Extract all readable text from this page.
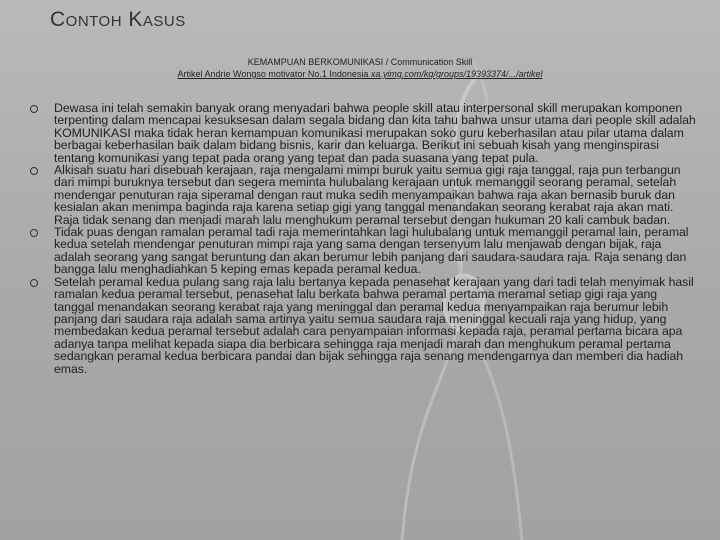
Contoh Kasus
KEMAMPUAN BERKOMUNIKASI / Communication Skill
Artikel Andrie Wongso motivator No.1 Indonesia xa.yimg.com/kq/groups/19393374/.../artikel
Dewasa ini telah semakin banyak orang menyadari bahwa people skill atau interpersonal skill merupakan komponen terpenting dalam mencapai kesuksesan dalam segala bidang dan kita tahu bahwa unsur utama dari people skill adalah KOMUNIKASI maka tidak heran kemampuan komunikasi merupakan soko guru keberhasilan atau pilar utama dalam berbagai keberhasilan baik dalam bidang bisnis, karir dan keluarga. Berikut ini sebuah kisah yang menginspirasi tentang komunikasi yang tepat pada orang yang tepat dan pada suasana yang tepat pula.
Alkisah suatu hari disebuah kerajaan, raja mengalami mimpi buruk yaitu semua gigi raja tanggal, raja pun terbangun dari mimpi buruknya tersebut dan segera meminta hulubalang kerajaan untuk memanggil seorang peramal, setelah mendengar penuturan raja siperamal dengan raut muka sedih menyampaikan bahwa raja akan bernasib buruk dan kesialan akan menimpa baginda raja karena setiap gigi yang tanggal menandakan seorang kerabat raja akan mati. Raja tidak senang dan menjadi marah lalu menghukum peramal tersebut dengan hukuman 20 kali cambuk badan.
Tidak puas dengan ramalan peramal tadi raja memerintahkan lagi hulubalang untuk memanggil peramal lain, peramal kedua setelah mendengar penuturan mimpi raja yang sama dengan tersenyum lalu menjawab dengan bijak, raja adalah seorang yang sangat beruntung dan akan berumur lebih panjang dari saudara-saudara raja. Raja senang dan bangga lalu menghadiahkan 5 keping emas kepada peramal kedua.
Setelah peramal kedua pulang sang raja lalu bertanya kepada penasehat kerajaan yang dari tadi telah menyimak hasil ramalan kedua peramal tersebut, penasehat lalu berkata bahwa peramal pertama meramal setiap gigi raja yang tanggal menandakan seorang kerabat raja yang meninggal dan peramal kedua menyampaikan raja berumur lebih panjang dari saudara raja adalah sama artinya yaitu semua saudara raja meninggal kecuali raja yang hidup, yang membedakan kedua peramal tersebut adalah cara penyampaian informasi kepada raja, peramal pertama bicara apa adanya tanpa melihat kepada siapa dia berbicara sehingga raja menjadi marah dan menghukum peramal pertama sedangkan peramal kedua berbicara pandai dan bijak sehingga raja senang mendengarnya dan memberi dia hadiah emas.
